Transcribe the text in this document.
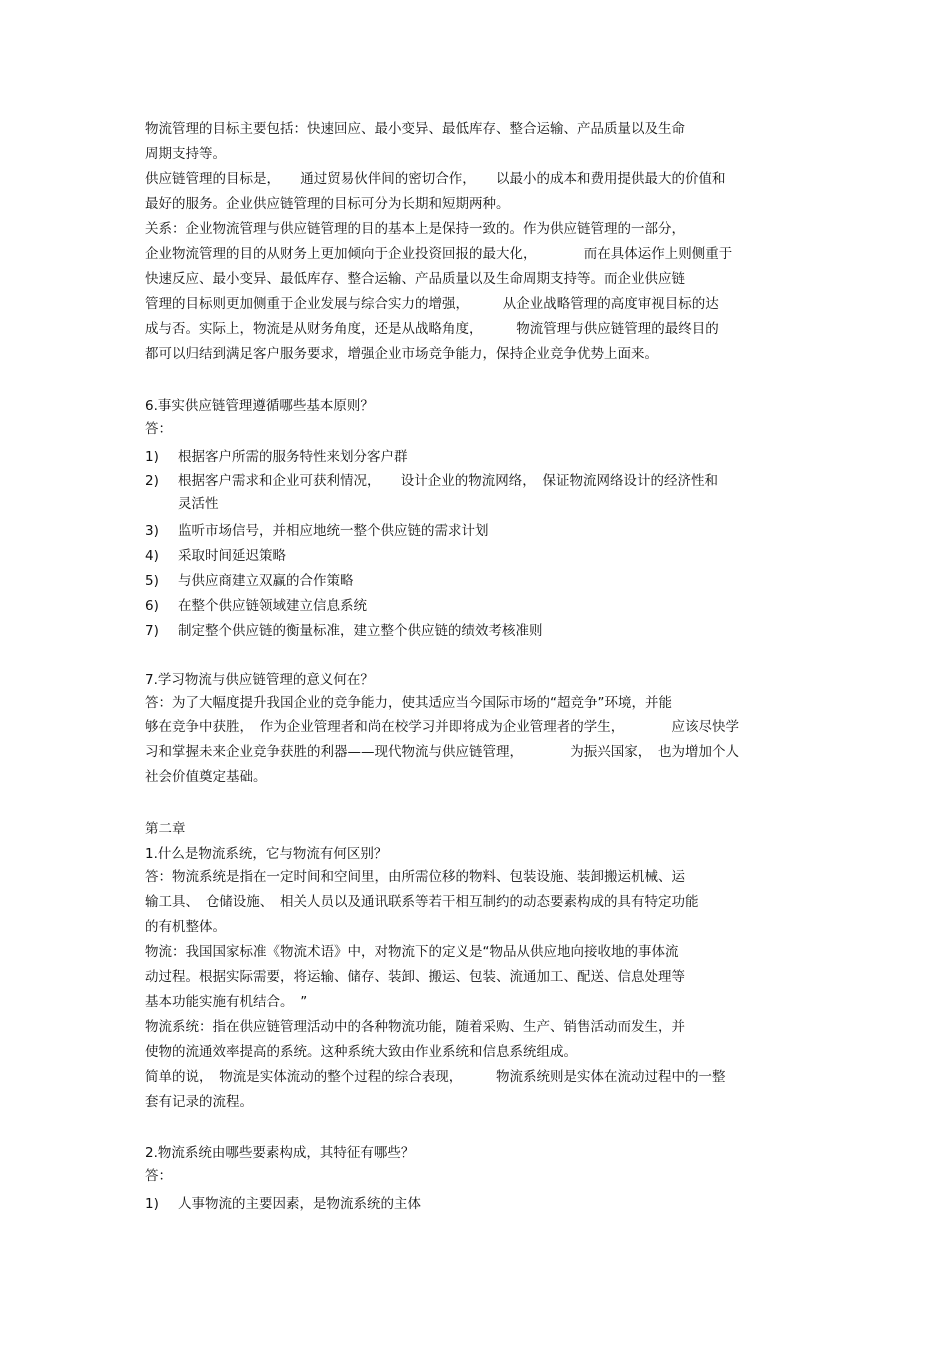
物流管理的目标主要包括：快速回应、最小变异、最低库存、整合运输、产品质量以及生命
周期支持等。
供应链管理的目标是，　　通过贸易伙伴间的密切合作，　　以最小的成本和费用提供最大的价值和
最好的服务。企业供应链管理的目标可分为长期和短期两种。
关系：企业物流管理与供应链管理的目的基本上是保持一致的。作为供应链管理的一部分，
企业物流管理的目的从财务上更加倾向于企业投资回报的最大化，　　　　而在具体运作上则侧重于
快速反应、最小变异、最低库存、整合运输、产品质量以及生命周期支持等。而企业供应链
管理的目标则更加侧重于企业发展与综合实力的增强，　　　从企业战略管理的高度审视目标的达
成与否。实际上，物流是从财务角度，还是从战略角度，　　　物流管理与供应链管理的最终目的
都可以归结到满足客户服务要求，增强企业市场竞争能力，保持企业竞争优势上面来。
6.事实供应链管理遵循哪些基本原则？
答：
1) 根据客户所需的服务特性来划分客户群
2) 根据客户需求和企业可获利情况，　　设计企业的物流网络，　保证物流网络设计的经济性和
灵活性
3) 监听市场信号，并相应地统一整个供应链的需求计划
4) 采取时间延迟策略
5) 与供应商建立双赢的合作策略
6) 在整个供应链领域建立信息系统
7) 制定整个供应链的衡量标准，建立整个供应链的绩效考核准则
7.学习物流与供应链管理的意义何在？
答：为了大幅度提升我国企业的竞争能力，使其适应当今国际市场的“超竞争”环境，并能
够在竞争中获胜，　作为企业管理者和尚在校学习并即将成为企业管理者的学生，　　　　应该尽快学
习和掌握未来企业竞争获胜的利器——现代物流与供应链管理，　　　　为振兴国家，　也为增加个人
社会价值奠定基础。
第二章
1.什么是物流系统，它与物流有何区别？
答：物流系统是指在一定时间和空间里，由所需位移的物料、包装设施、装卸搬运机械、运
输工具、　仓储设施、　相关人员以及通讯联系等若干相互制约的动态要素构成的具有特定功能
的有机整体。
物流：我国国家标准《物流术语》中，对物流下的定义是“物品从供应地向接收地的事体流
动过程。根据实际需要，将运输、储存、装卸、搬运、包装、流通加工、配送、信息处理等
基本功能实施有机结合。　”
物流系统：指在供应链管理活动中的各种物流功能，随着采购、生产、销售活动而发生，并
使物的流通效率提高的系统。这种系统大致由作业系统和信息系统组成。
简单的说，　物流是实体流动的整个过程的综合表现，　　　物流系统则是实体在流动过程中的一整
套有记录的流程。
2.物流系统由哪些要素构成，其特征有哪些？
答：
1) 人事物流的主要因素，是物流系统的主体
